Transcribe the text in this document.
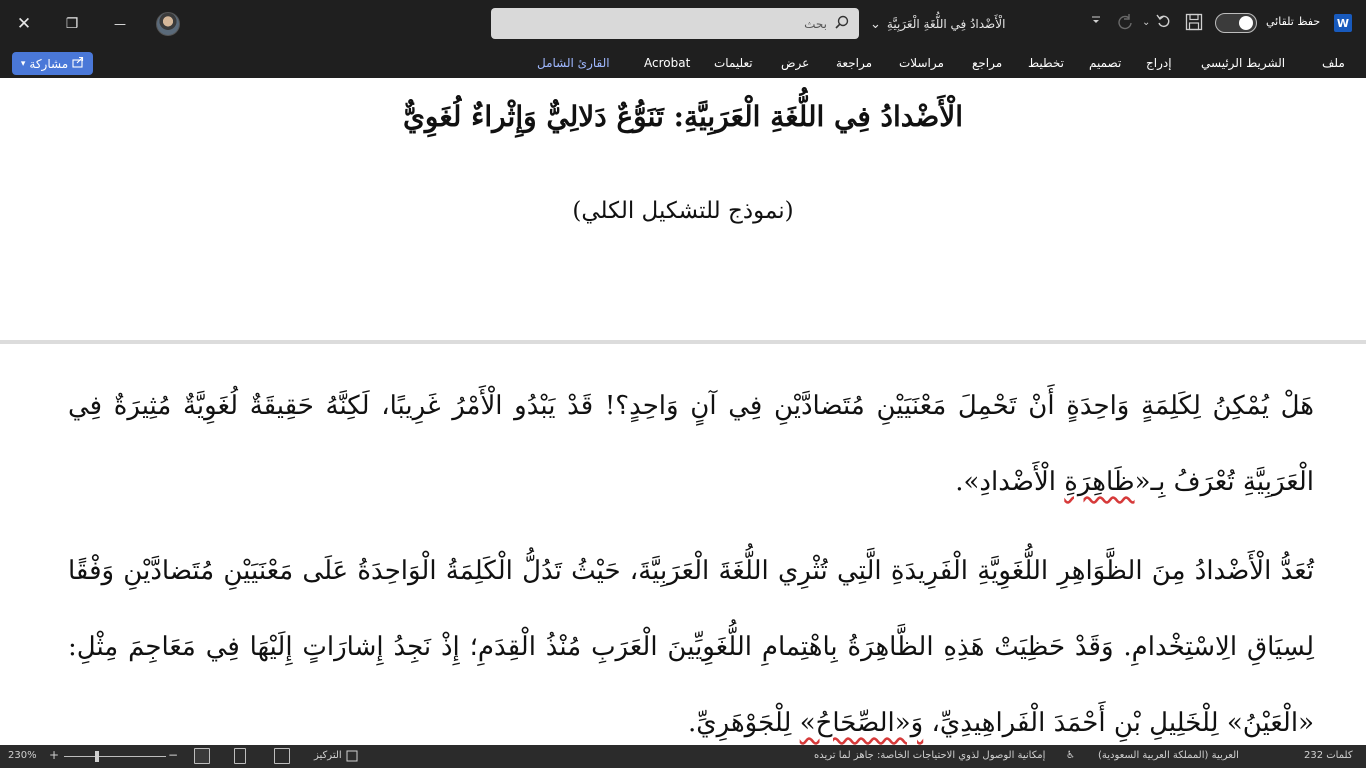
✕ ❐	—	بحث	الْأَضْدادُ فِي اللُّغَةِ الْعَرَبِيَّةِ
⌄	⌄	حفظ تلقائي W
▾ مشاركة	ملف
الشريط الرئيسي
إدراج
تصميم
تخطيط
مراجع
مراسلات
مراجعة
عرض
تعليمات
Acrobat
القارئ الشامل
الْأَضْدادُ فِي اللُّغَةِ الْعَرَبِيَّةِ: تَنَوُّعٌ دَلالِيٌّ وَإِثْراءٌ لُغَوِيٌّ
(نموذج للتشكيل الكلي)

هَلْ يُمْكِنُ لِكَلِمَةٍ وَاحِدَةٍ أَنْ تَحْمِلَ مَعْنَيَيْنِ مُتَضادَّيْنِ فِي آنٍ وَاحِدٍ؟! قَدْ يَبْدُو الْأَمْرُ غَرِيبًا، لَكِنَّهُ حَقِيقَةٌ لُغَوِيَّةٌ مُثِيرَةٌ فِي الْعَرَبِيَّةِ تُعْرَفُ بِـ«ظَاهِرَةِ الْأَضْدادِ».

تُعَدُّ الْأَضْدادُ مِنَ الظَّوَاهِرِ اللُّغَوِيَّةِ الْفَرِيدَةِ الَّتِي تُثْرِي اللُّغَةَ الْعَرَبِيَّةَ، حَيْثُ تَدُلُّ الْكَلِمَةُ الْوَاحِدَةُ عَلَى مَعْنَيَيْنِ مُتَضادَّيْنِ وَفْقًا لِسِيَاقِ الِاسْتِخْدامِ. وَقَدْ حَظِيَتْ هَذِهِ الظَّاهِرَةُ بِاهْتِمامِ اللُّغَوِيِّينَ الْعَرَبِ مُنْذُ الْقِدَمِ؛ إِذْ نَجِدُ إِشارَاتٍ إِلَيْهَا فِي مَعَاجِمَ مِثْلِ: «الْعَيْنُ» لِلْخَلِيلِ بْنِ أَحْمَدَ الْفَراهِيدِيِّ، وَ«الصِّحَاحُ» لِلْجَوْهَرِيِّ.

230% +	−	التركيز	إمكانية الوصول لذوي الاحتياجات الخاصة: جاهز لما تريده ♿ العربية (المملكة العربية السعودية)	232 كلمات
